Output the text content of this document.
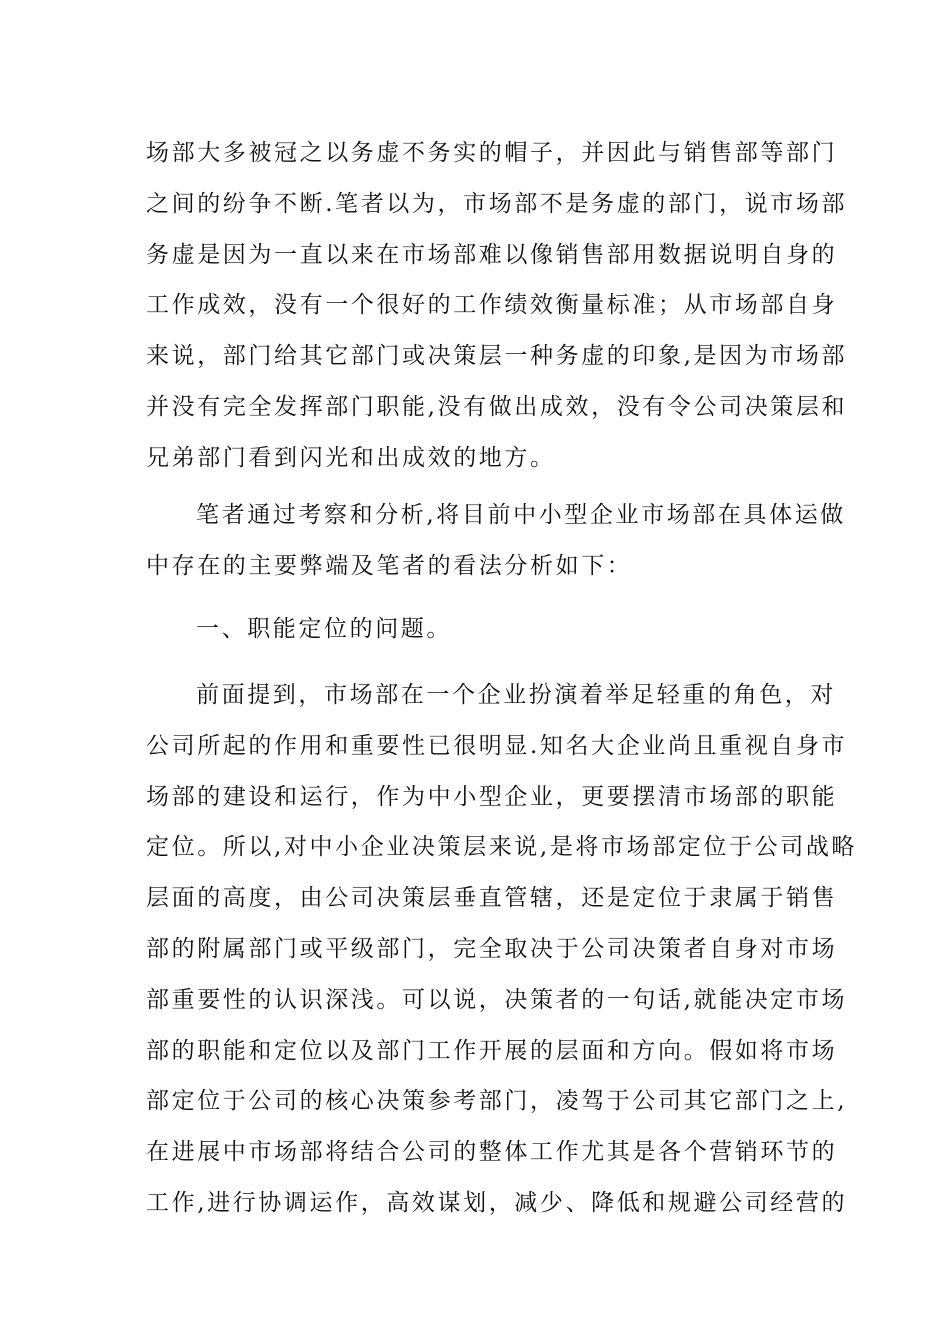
场部大多被冠之以务虚不务实的帽子，并因此与销售部等部门
之间的纷争不断.笔者以为，市场部不是务虚的部门，说市场部
务虚是因为一直以来在市场部难以像销售部用数据说明自身的
工作成效，没有一个很好的工作绩效衡量标准；从市场部自身
来说，部门给其它部门或决策层一种务虚的印象,是因为市场部
并没有完全发挥部门职能,没有做出成效，没有令公司决策层和
兄弟部门看到闪光和出成效的地方。
笔者通过考察和分析,将目前中小型企业市场部在具体运做
中存在的主要弊端及笔者的看法分析如下：
一、职能定位的问题。
前面提到，市场部在一个企业扮演着举足轻重的角色，对
公司所起的作用和重要性已很明显.知名大企业尚且重视自身市
场部的建设和运行，作为中小型企业，更要摆清市场部的职能
定位。所以,对中小企业决策层来说,是将市场部定位于公司战略
层面的高度，由公司决策层垂直管辖，还是定位于隶属于销售
部的附属部门或平级部门，完全取决于公司决策者自身对市场
部重要性的认识深浅。可以说，决策者的一句话,就能决定市场
部的职能和定位以及部门工作开展的层面和方向。假如将市场
部定位于公司的核心决策参考部门，凌驾于公司其它部门之上,
在进展中市场部将结合公司的整体工作尤其是各个营销环节的
工作,进行协调运作，高效谋划，减少、降低和规避公司经营的
